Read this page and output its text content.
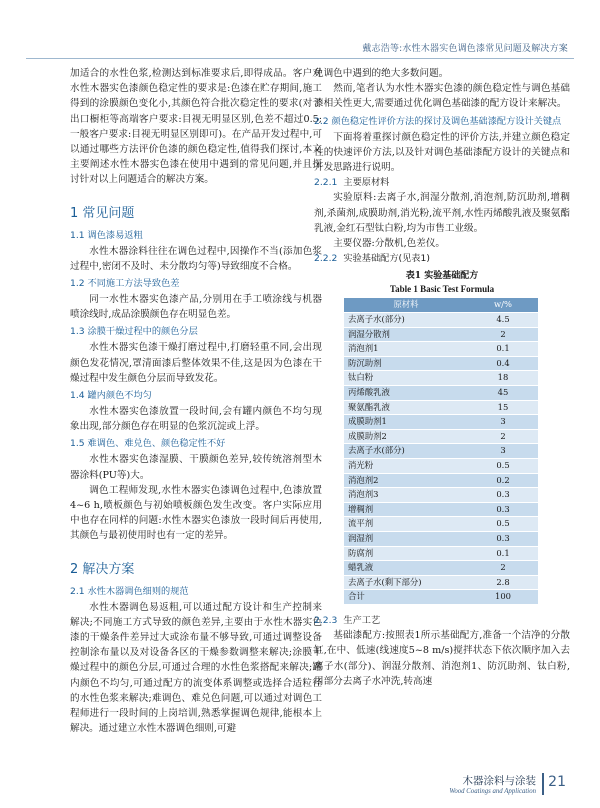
戴志浩等:水性木器实色调色漆常见问题及解决方案

加适合的水性色浆,检测达到标准要求后,即得成品。客户对水性木器实色漆颜色稳定性的要求是:色漆在贮存期间,施工得到的涂膜颜色变化小,其颜色符合批次稳定性的要求(对于出口橱柜等高端客户要求:目视无明显区别,色差不超过0.5;一般客户要求:目视无明显区别即可)。在产品开发过程中,可以通过哪些方法评价色漆的颜色稳定性,值得我们探讨,本文主要阐述水性木器实色漆在使用中遇到的常见问题,并且探讨针对以上问题适合的解决方案。

1 常见问题
1.1 调色漆易返粗

水性木器涂料往往在调色过程中,因操作不当(添加色浆过程中,密闭不及时、未分散均匀等)导致细度不合格。

1.2 不同施工方法导致色差

同一水性木器实色漆产品,分别用在手工喷涂线与机器喷涂线时,成品涂膜颜色存在明显色差。

1.3 涂膜干燥过程中的颜色分层

水性木器实色漆干燥打磨过程中,打磨轻重不同,会出现颜色发花情况,罩清面漆后整体效果不佳,这是因为色漆在干燥过程中发生颜色分层而导致发花。

1.4 罐内颜色不均匀

水性木器实色漆放置一段时间,会有罐内颜色不均匀现象出现,部分颜色存在明显的色浆沉淀或上浮。

1.5 难调色、难兑色、颜色稳定性不好

水性木器实色漆湿膜、干膜颜色差异,较传统溶剂型木器涂料(PU等)大。

调色工程师发现,水性木器实色漆调色过程中,色漆放置4~6 h,喷板颜色与初始喷板颜色发生改变。客户实际应用中也存在同样的问题:水性木器实色漆放一段时间后再使用,其颜色与最初使用时也有一定的差异。

2 解决方案
2.1 水性木器调色细则的规范

水性木器调色易返粗,可以通过配方设计和生产控制来解决;不同施工方式导致的颜色差异,主要由于水性木器实色漆的干燥条件差异过大或涂布量不够导致,可通过调整设备控制涂布量以及对设备各区的干燥参数调整来解决;涂膜干燥过程中的颜色分层,可通过合理的水性色浆搭配来解决;罐内颜色不均匀,可通过配方的流变体系调整或选择合适粒径的水性色浆来解决;难调色、难兑色问题,可以通过对调色工程师进行一段时间的上岗培训,熟悉掌握调色规律,能根本上解决。通过建立水性木器调色细则,可避

免调色中遇到的绝大多数问题。

然而,笔者认为水性木器实色漆的颜色稳定性与调色基础漆相关性更大,需要通过优化调色基础漆的配方设计来解决。

2.2 颜色稳定性评价方法的探讨及调色基础漆配方设计关键点

下面将着重探讨颜色稳定性的评价方法,并建立颜色稳定性的快速评价方法,以及针对调色基础漆配方设计的关键点和开发思路进行说明。

2.2.1 主要原材料

实验原料:去离子水,润湿分散剂,消泡剂,防沉助剂,增稠剂,杀菌剂,成膜助剂,消光粉,流平剂,水性丙烯酸乳液及聚氨酯乳液,金红石型钛白粉,均为市售工业级。

主要仪器:分散机,色差仪。

2.2.2 实验基础配方(见表1)
表1 实验基础配方
Table 1 Basic Test Formula
原材料	w/%
去离子水(部分)	4.5
润湿分散剂	2
消泡剂1	0.1
防沉助剂	0.4
钛白粉	18
丙烯酸乳液	45
聚氨酯乳液	15
成膜助剂1	3
成膜助剂2	2
去离子水(部分)	3
消光粉	0.5
消泡剂2	0.2
消泡剂3	0.3
增稠剂	0.3
流平剂	0.5
润湿剂	0.3
防腐剂	0.1
蜡乳液	2
去离子水(剩下部分)	2.8
合计	100
2.2.3 生产工艺

基础漆配方:按照表1所示基础配方,准备一个洁净的分散缸,在中、低速(线速度5~8 m/s)搅拌状态下依次顺序加入去离子水(部分)、润湿分散剂、消泡剂1、防沉助剂、钛白粉,用部分去离子水冲洗,转高速

木器涂料与涂装
Wood Coatings and Application
21
